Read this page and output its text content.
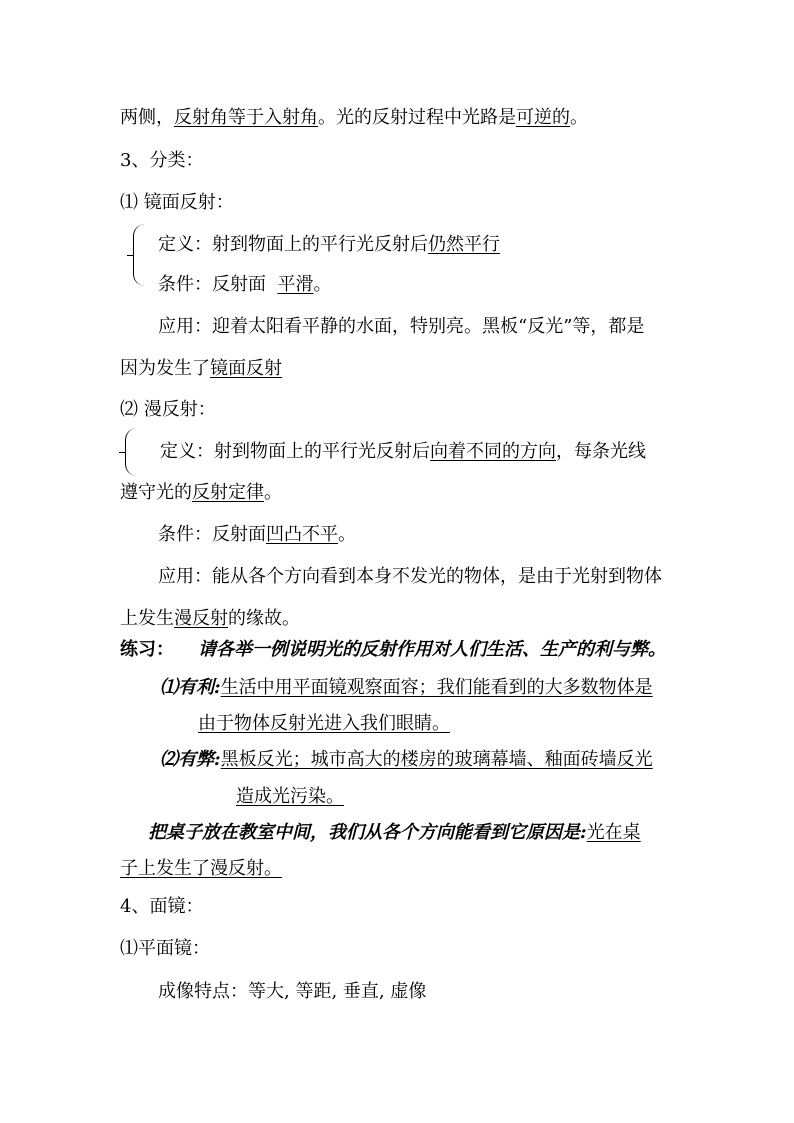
两侧，反射角等于入射角。光的反射过程中光路是可逆的。
3、分类：
⑴ 镜面反射：
定义：射到物面上的平行光反射后仍然平行
条件：反射面  平滑。
应用：迎着太阳看平静的水面，特别亮。黑板“反光”等，都是
因为发生了镜面反射
⑵ 漫反射：
定义：射到物面上的平行光反射后向着不同的方向，每条光线
遵守光的反射定律。
条件：反射面凹凸不平。
应用：能从各个方向看到本身不发光的物体，是由于光射到物体
上发生漫反射的缘故。
练习： 请各举一例说明光的反射作用对人们生活、生产的利与弊。
⑴有利:生活中用平面镜观察面容；我们能看到的大多数物体是
由于物体反射光进入我们眼睛。
⑵有弊:黑板反光；城市高大的楼房的玻璃幕墙、釉面砖墙反光
造成光污染。
把桌子放在教室中间，我们从各个方向能看到它原因是:光在桌
子上发生了漫反射。
4、面镜：
⑴平面镜：
成像特点：等大, 等距, 垂直, 虚像
